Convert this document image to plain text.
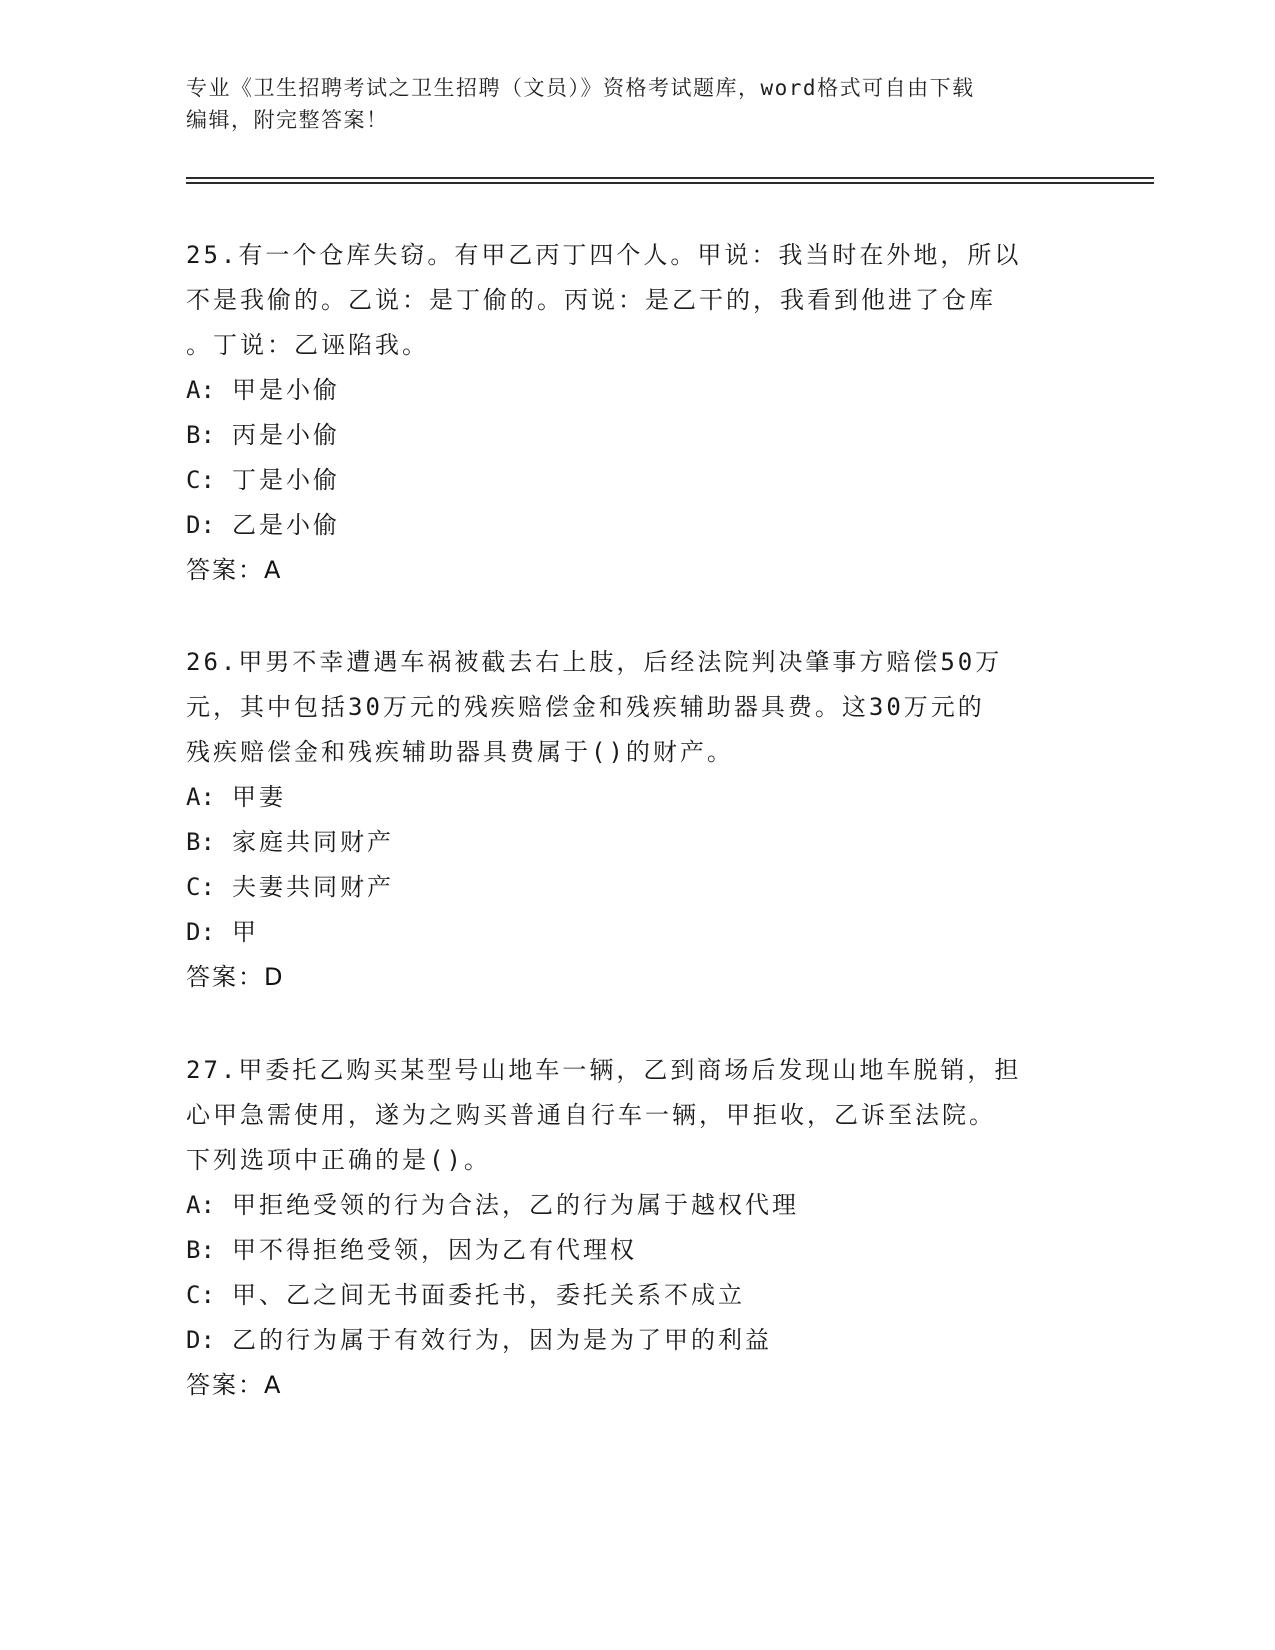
专业《卫生招聘考试之卫生招聘（文员）》资格考试题库，word格式可自由下载
编辑，附完整答案！

25.有一个仓库失窃。有甲乙丙丁四个人。甲说：我当时在外地，所以

不是我偷的。乙说：是丁偷的。丙说：是乙干的，我看到他进了仓库

。丁说：乙诬陷我。

A: 甲是小偷

B: 丙是小偷

C: 丁是小偷

D: 乙是小偷

答案：A

26.甲男不幸遭遇车祸被截去右上肢，后经法院判决肇事方赔偿50万

元，其中包括30万元的残疾赔偿金和残疾辅助器具费。这30万元的

残疾赔偿金和残疾辅助器具费属于()的财产。

A: 甲妻

B: 家庭共同财产

C: 夫妻共同财产

D: 甲

答案：D

27.甲委托乙购买某型号山地车一辆，乙到商场后发现山地车脱销，担

心甲急需使用，遂为之购买普通自行车一辆，甲拒收，乙诉至法院。

下列选项中正确的是()。

A: 甲拒绝受领的行为合法，乙的行为属于越权代理

B: 甲不得拒绝受领，因为乙有代理权

C: 甲、乙之间无书面委托书，委托关系不成立

D: 乙的行为属于有效行为，因为是为了甲的利益

答案：A
